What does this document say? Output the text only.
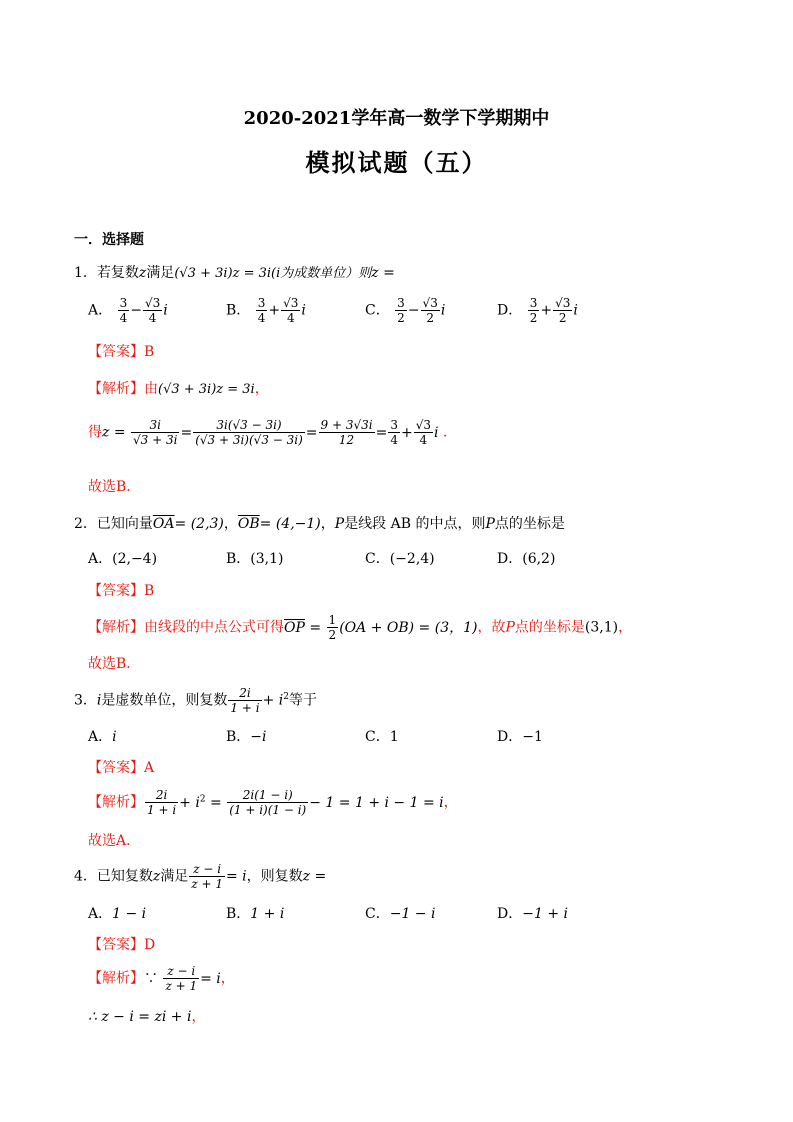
2020-2021学年高一数学下学期期中
模拟试题（五）
一．选择题
1．若复数z满足(√3 + 3i)z = 3i(i为成数单位）则z =
A． $\frac{3}{4} - \frac{√3}{4}$ i	B． $\frac{3}{4} + \frac{√3}{4}$ i	C． $\frac{3}{2} - \frac{√3}{2}$ i	D． $\frac{3}{2} + \frac{√3}{2}$ i
【答案】B
【解析】由(√3 + 3i)z = 3i，
得$z = \frac{3i}{√3 + 3i} = \frac{3i(√3 - 3i)}{(√3 + 3i)(√3 - 3i)} = \frac{9 + 3√3i}{12} = \frac{3}{4} + \frac{√3}{4}$ i ．
故选B．
2．已知向量$\overline{OA}= (2,3)$，$\overline{OB}= (4,-1)$，P是线段 AB 的中点，则P点的坐标是
A．(2,−4)	B．(3,1)	C．(−2,4)	D．(6,2)
【答案】B
【解析】由线段的中点公式可得$\overline{OP} = \frac{1}{2} (OA + OB) = (3$，1)，故P点的坐标是(3,1)，
故选B．
3．i是虚数单位，则复数 $\frac{2i}{1 + i} + i^2$等于
A．i	B．−i	C．1	D．−1
【答案】A
【解析】 $\frac{2i}{1 + i} + i^2 = \frac{2i(1 - i)}{(1 + i)(1 - i)} - 1 = 1 + i - 1 = i$，
故选A．
4．已知复数z满足 $\frac{z - i}{z + 1} = i$，则复数z =
A．1 − i	B．1 + i	C．−1 − i	D．−1 + i
【答案】D
【解析】∵ $\frac{z - i}{z + 1} = i$，
∴ z − i = zi + i，
